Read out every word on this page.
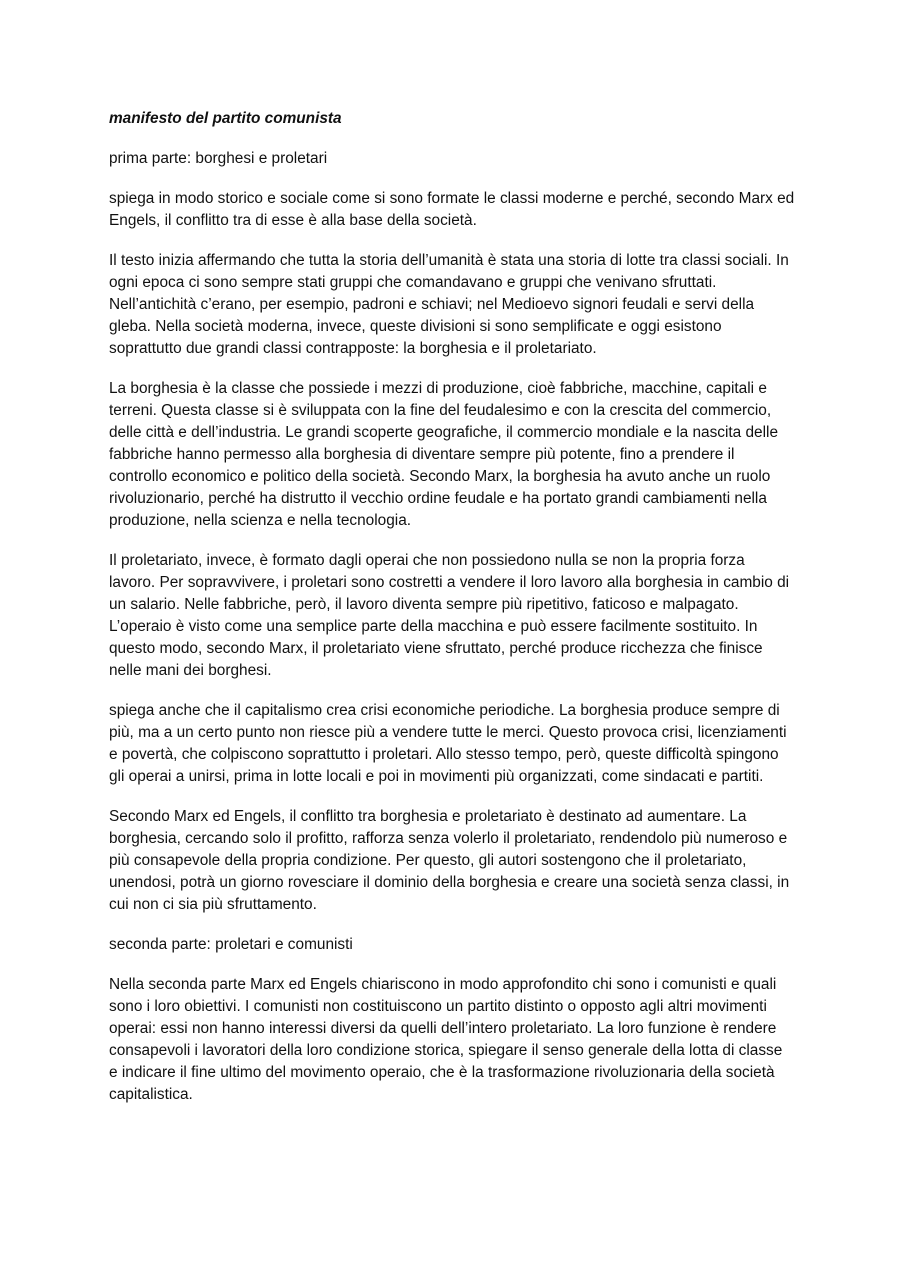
manifesto del partito comunista

prima parte: borghesi e proletari

spiega in modo storico e sociale come si sono formate le classi moderne e perché, secondo Marx ed Engels, il conflitto tra di esse è alla base della società.

Il testo inizia affermando che tutta la storia dell’umanità è stata una storia di lotte tra classi sociali. In ogni epoca ci sono sempre stati gruppi che comandavano e gruppi che venivano sfruttati. Nell’antichità c’erano, per esempio, padroni e schiavi; nel Medioevo signori feudali e servi della gleba. Nella società moderna, invece, queste divisioni si sono semplificate e oggi esistono soprattutto due grandi classi contrapposte: la borghesia e il proletariato.

La borghesia è la classe che possiede i mezzi di produzione, cioè fabbriche, macchine, capitali e terreni. Questa classe si è sviluppata con la fine del feudalesimo e con la crescita del commercio, delle città e dell’industria. Le grandi scoperte geografiche, il commercio mondiale e la nascita delle fabbriche hanno permesso alla borghesia di diventare sempre più potente, fino a prendere il controllo economico e politico della società. Secondo Marx, la borghesia ha avuto anche un ruolo rivoluzionario, perché ha distrutto il vecchio ordine feudale e ha portato grandi cambiamenti nella produzione, nella scienza e nella tecnologia.

Il proletariato, invece, è formato dagli operai che non possiedono nulla se non la propria forza lavoro. Per sopravvivere, i proletari sono costretti a vendere il loro lavoro alla borghesia in cambio di un salario. Nelle fabbriche, però, il lavoro diventa sempre più ripetitivo, faticoso e malpagato. L’operaio è visto come una semplice parte della macchina e può essere facilmente sostituito. In questo modo, secondo Marx, il proletariato viene sfruttato, perché produce ricchezza che finisce nelle mani dei borghesi.

spiega anche che il capitalismo crea crisi economiche periodiche. La borghesia produce sempre di più, ma a un certo punto non riesce più a vendere tutte le merci. Questo provoca crisi, licenziamenti e povertà, che colpiscono soprattutto i proletari. Allo stesso tempo, però, queste difficoltà spingono gli operai a unirsi, prima in lotte locali e poi in movimenti più organizzati, come sindacati e partiti.

Secondo Marx ed Engels, il conflitto tra borghesia e proletariato è destinato ad aumentare. La borghesia, cercando solo il profitto, rafforza senza volerlo il proletariato, rendendolo più numeroso e più consapevole della propria condizione. Per questo, gli autori sostengono che il proletariato, unendosi, potrà un giorno rovesciare il dominio della borghesia e creare una società senza classi, in cui non ci sia più sfruttamento.

seconda parte: proletari e comunisti

Nella seconda parte Marx ed Engels chiariscono in modo approfondito chi sono i comunisti e quali sono i loro obiettivi. I comunisti non costituiscono un partito distinto o opposto agli altri movimenti operai: essi non hanno interessi diversi da quelli dell’intero proletariato. La loro funzione è rendere consapevoli i lavoratori della loro condizione storica, spiegare il senso generale della lotta di classe e indicare il fine ultimo del movimento operaio, che è la trasformazione rivoluzionaria della società capitalistica.
